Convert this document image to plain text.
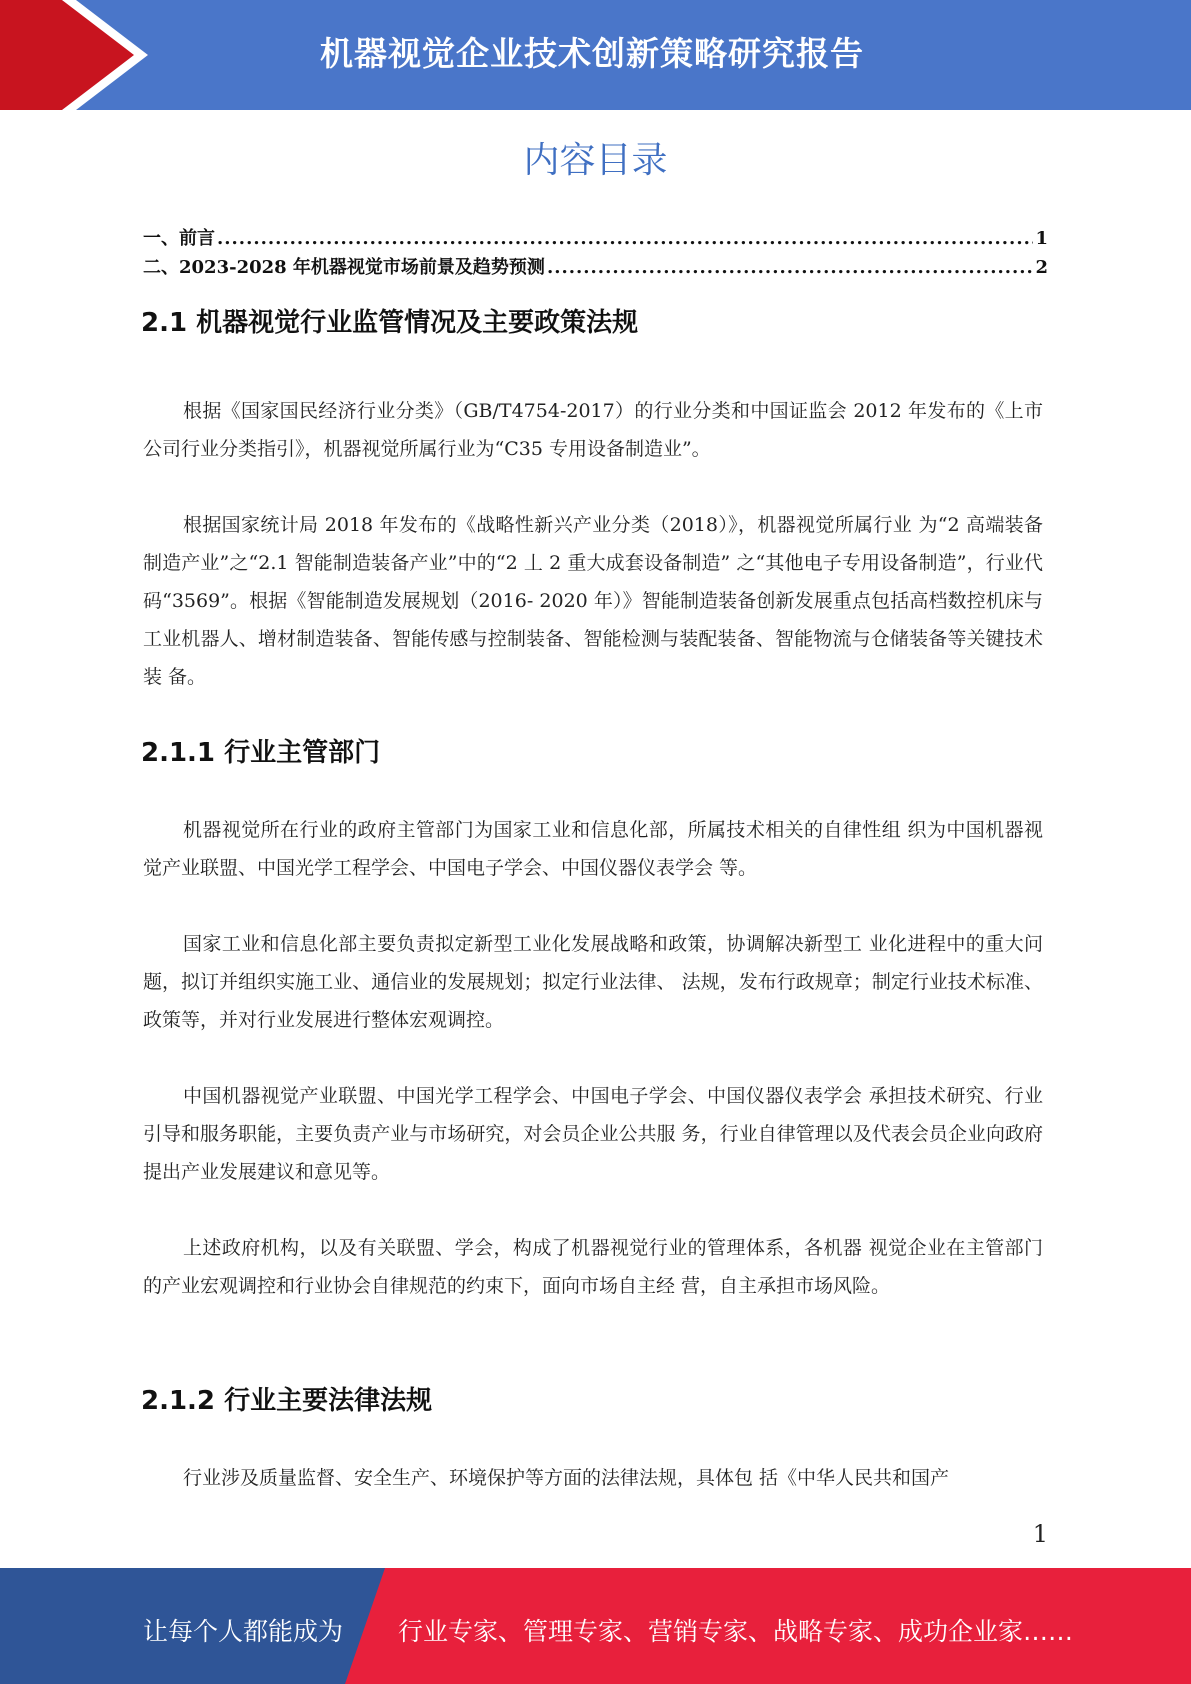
机器视觉企业技术创新策略研究报告
内容目录
一、前言 .....	1
二、2023-2028 年机器视觉市场前景及趋势预测 .....	2
2.1 机器视觉行业监管情况及主要政策法规

根据《国家国民经济行业分类》（GB/T4754-2017）的行业分类和中国证监会 2012 年发布的《上市公司行业分类指引》，机器视觉所属行业为“C35 专用设备制造业”。

根据国家统计局 2018 年发布的《战略性新兴产业分类（2018）》，机器视觉所属行业 为“2 高端装备制造产业”之“2.1 智能制造装备产业”中的“2 丄 2 重大成套设备制造” 之“其他电子专用设备制造”，行业代码“3569”。根据《智能制造发展规划（2016- 2020 年）》智能制造装备创新发展重点包括高档数控机床与工业机器人、增材制造装备、智能传感与控制装备、智能检测与装配装备、智能物流与仓储装备等关键技术装 备。

2.1.1 行业主管部门

机器视觉所在行业的政府主管部门为国家工业和信息化部，所属技术相关的自律性组 织为中国机器视觉产业联盟、中国光学工程学会、中国电子学会、中国仪器仪表学会 等。

国家工业和信息化部主要负责拟定新型工业化发展战略和政策，协调解决新型工 业化进程中的重大问题，拟订并组织实施工业、通信业的发展规划；拟定行业法律、 法规，发布行政规章；制定行业技术标准、政策等，并对行业发展进行整体宏观调控。

中国机器视觉产业联盟、中国光学工程学会、中国电子学会、中国仪器仪表学会 承担技术研究、行业引导和服务职能，主要负责产业与市场研究，对会员企业公共服 务，行业自律管理以及代表会员企业向政府提出产业发展建议和意见等。

上述政府机构，以及有关联盟、学会，构成了机器视觉行业的管理体系，各机器 视觉企业在主管部门的产业宏观调控和行业协会自律规范的约束下，面向市场自主经 营，自主承担市场风险。

2.1.2 行业主要法律法规

行业涉及质量监督、安全生产、环境保护等方面的法律法规，具体包 括《中华人民共和国产

1
让每个人都能成为 行业专家、管理专家、营销专家、战略专家、成功企业家……
